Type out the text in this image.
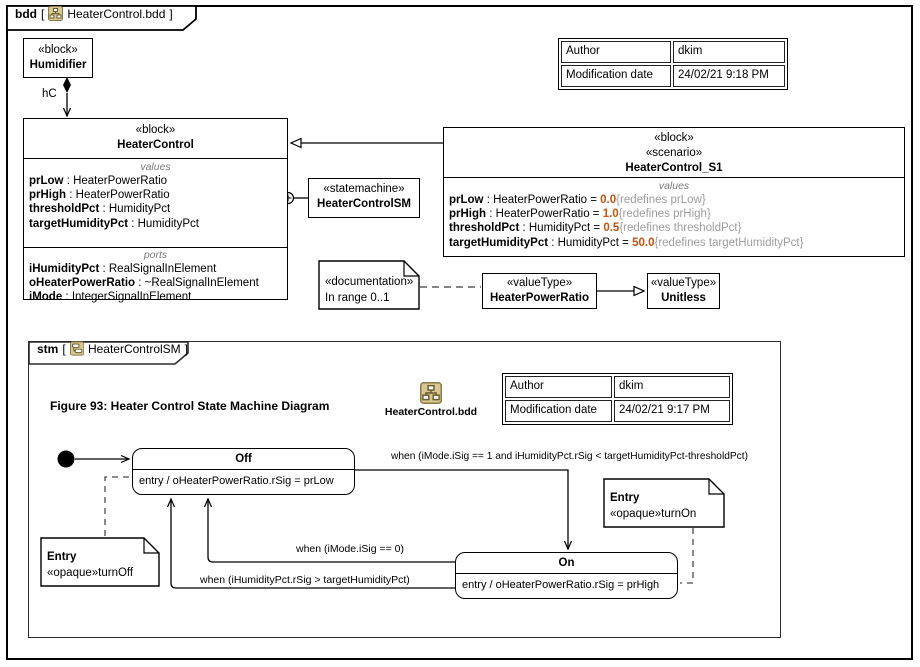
bdd [ HeaterControl.bdd ]
«block»
Humidifier
hC
«block»
HeaterControl
values
prLow : HeaterPowerRatio
prHigh : HeaterPowerRatio
thresholdPct : HumidityPct
targetHumidityPct : HumidityPct
ports
iHumidityPct : RealSignalInElement
oHeaterPowerRatio : ~RealSignalInElement
iMode : IntegerSignalInElement
«statemachine»
HeaterControlSM
«block»
«scenario»
HeaterControl_S1
values
prLow : HeaterPowerRatio = 0.0{redefines prLow}
prHigh : HeaterPowerRatio = 1.0{redefines prHigh}
thresholdPct : HumidityPct = 0.5{redefines thresholdPct}
targetHumidityPct : HumidityPct = 50.0{redefines targetHumidityPct}
Author	dkim
Modification date	24/02/21 9:18 PM
«documentation»
In range 0..1
«valueType»
HeaterPowerRatio
«valueType»
Unitless
stm [ HeaterControlSM ]
Figure 93: Heater Control State Machine Diagram	HeaterControl.bdd
Author	dkim
Modification date	24/02/21 9:17 PM
Off
entry / oHeaterPowerRatio.rSig = prLow
On
entry / oHeaterPowerRatio.rSig = prHigh
when (iMode.iSig == 1 and iHumidityPct.rSig < targetHumidityPct-thresholdPct)
when (iMode.iSig == 0)
when (iHumidityPct.rSig > targetHumidityPct)
Entry
«opaque»turnOff
Entry
«opaque»turnOn
